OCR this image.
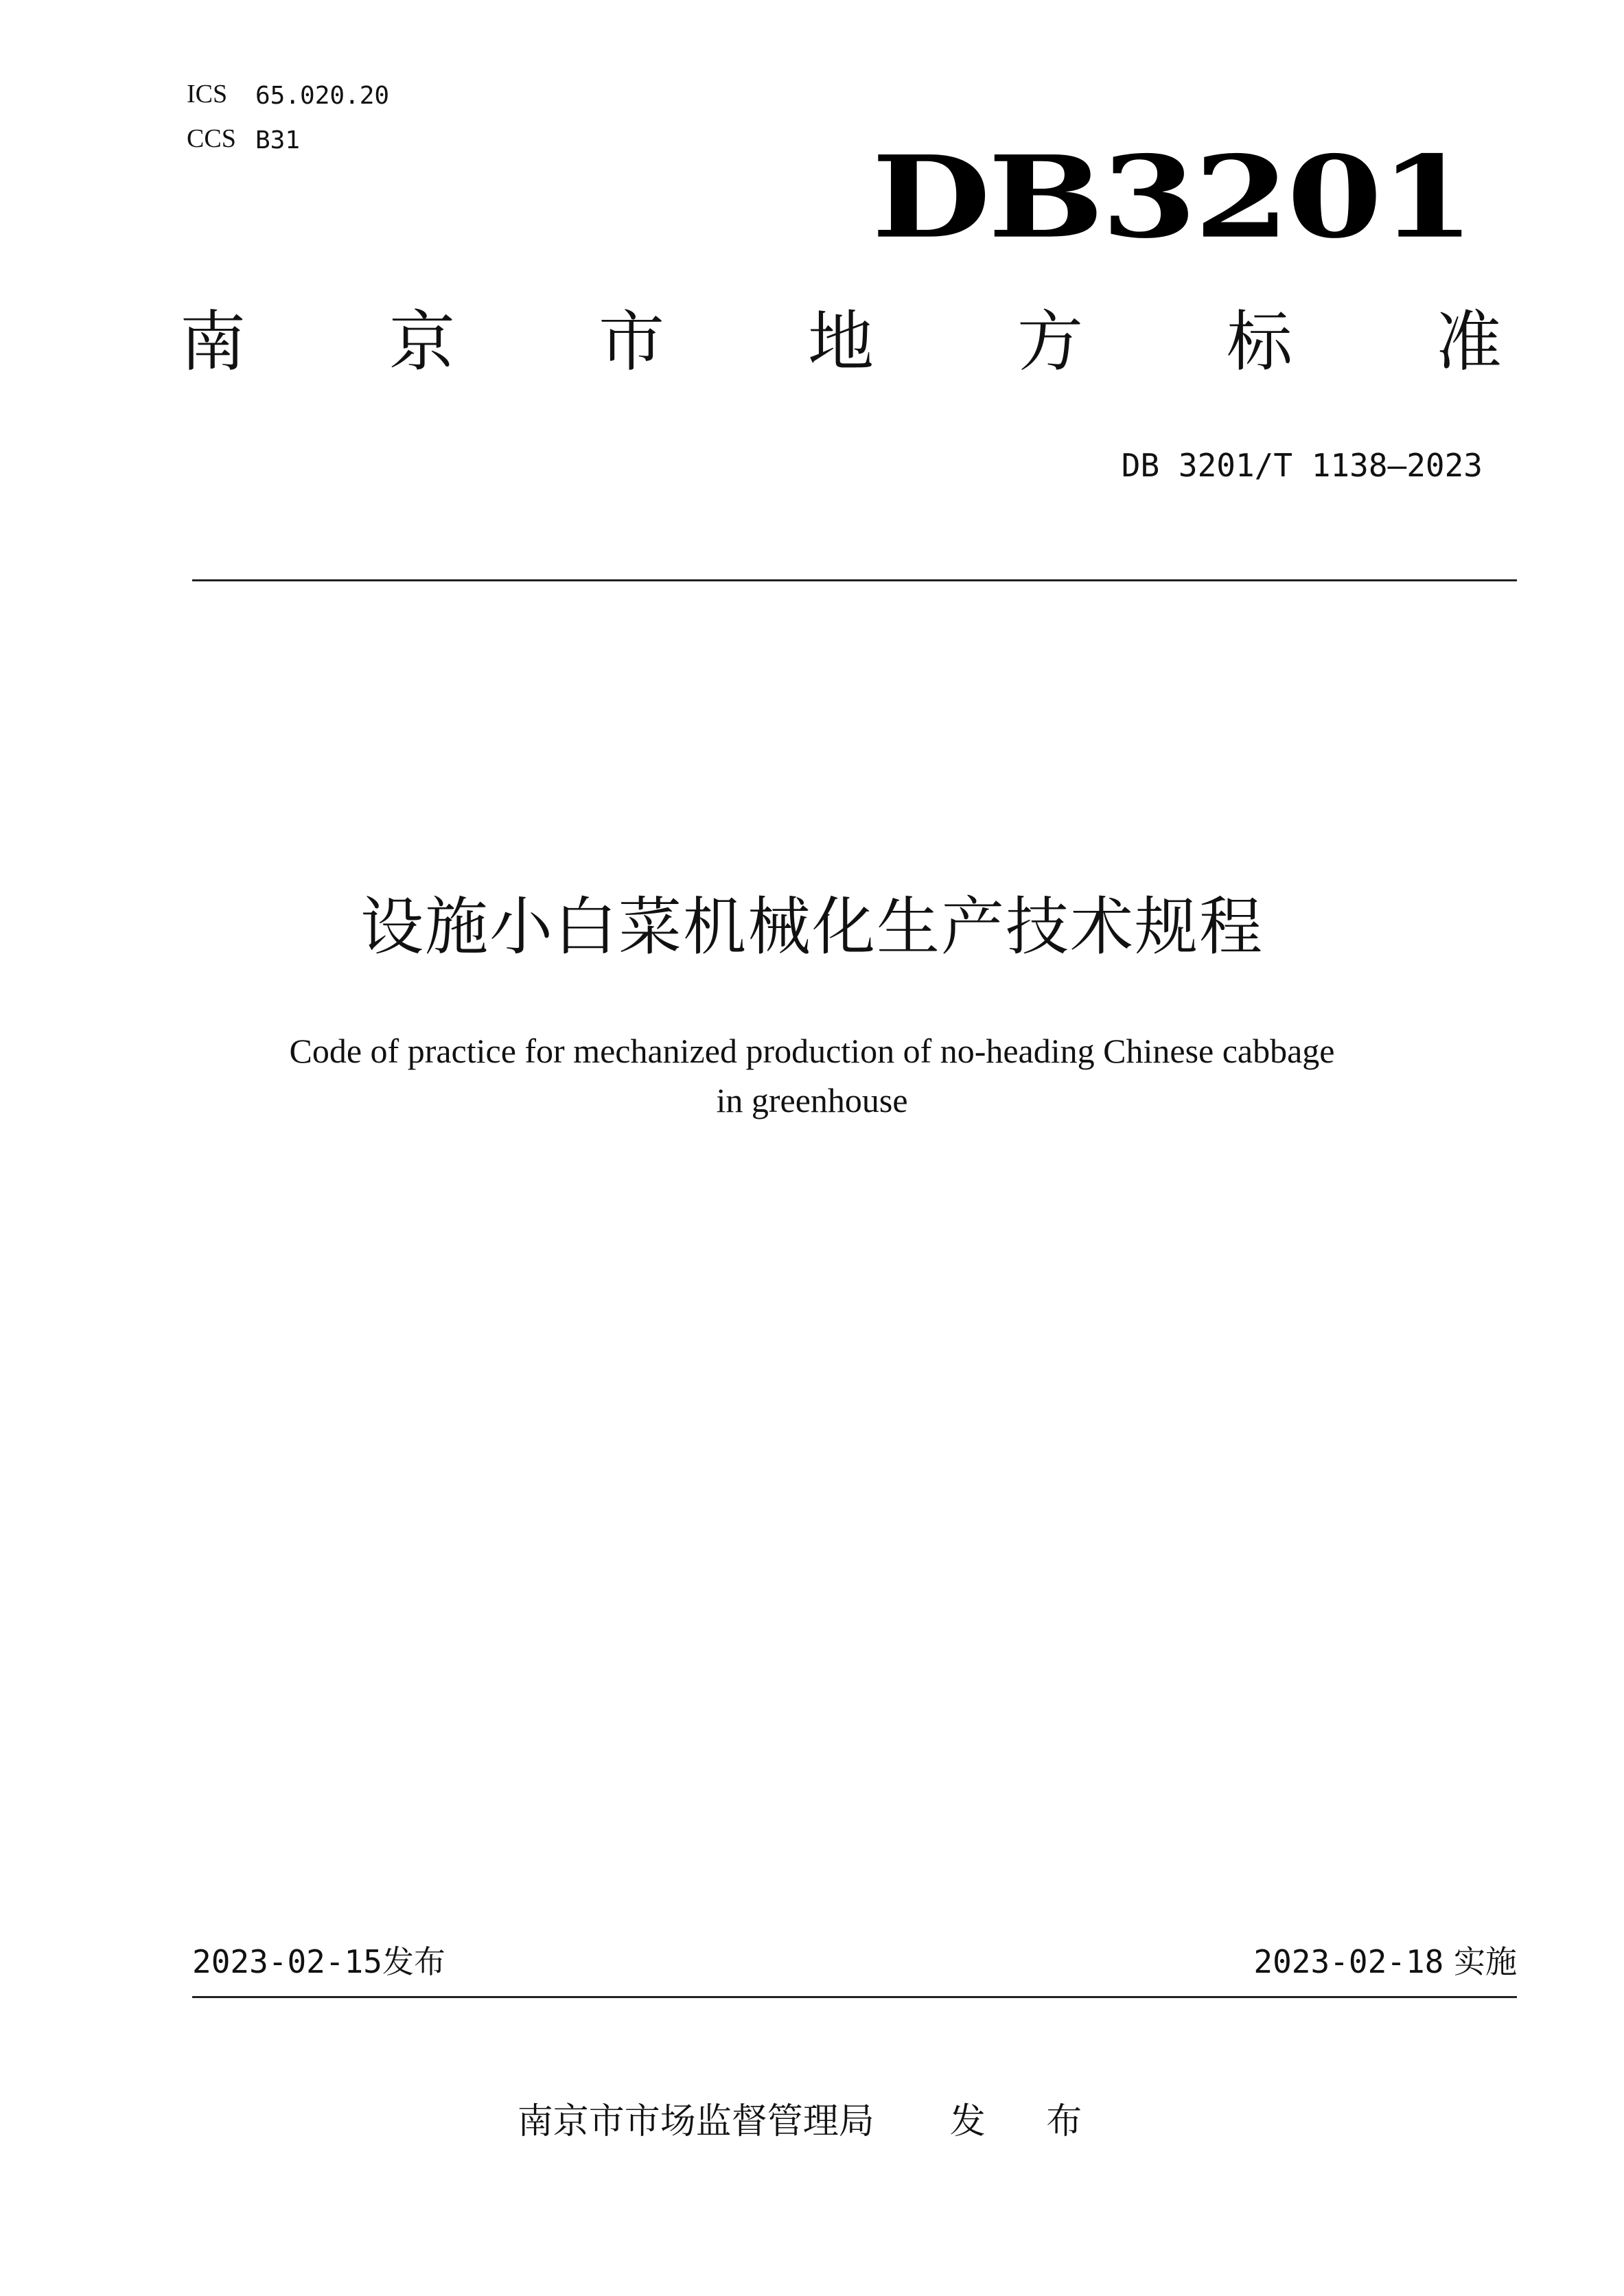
ICS 65.020.20
CCS B31	DB3201
南 京 市 地 方 标 准
DB 3201/T 1138—2023
设施小白菜机械化生产技术规程
Code of practice for mechanized production of no-heading Chinese cabbage
in greenhouse
2023-02-15发布	2023-02-18 实施
南京市市场监督管理局 发 布
